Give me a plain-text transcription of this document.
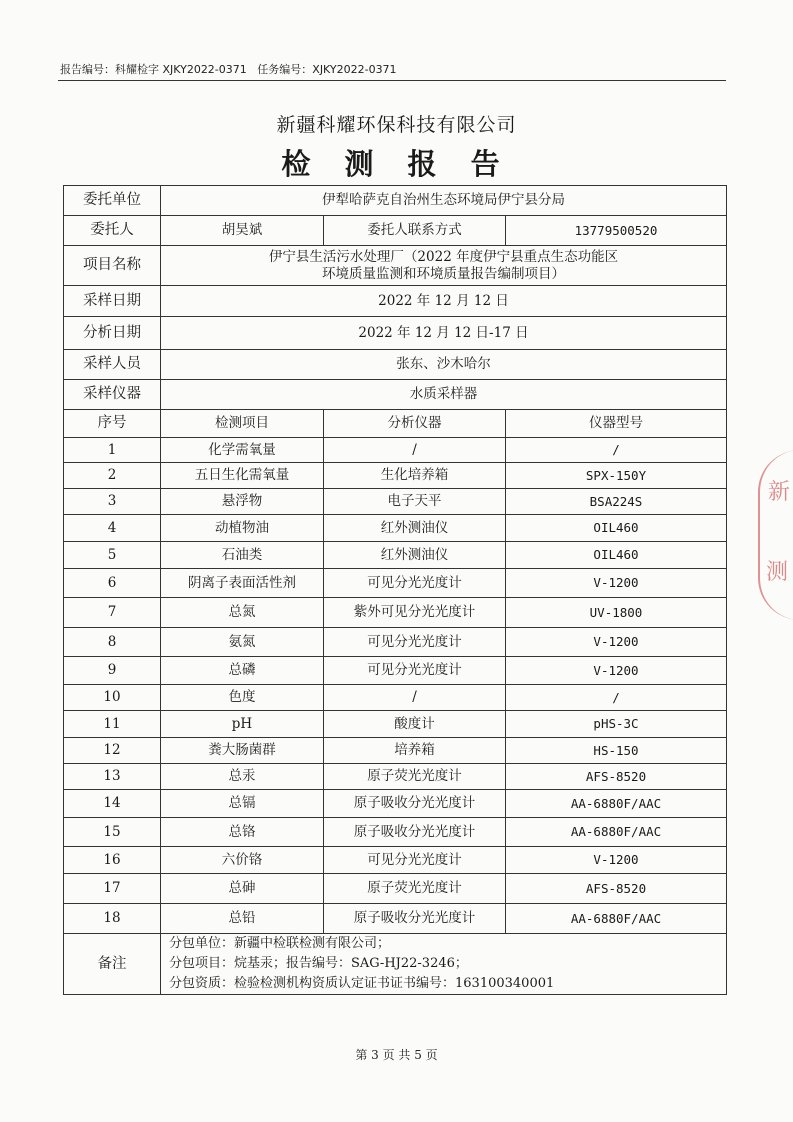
报告编号：科耀检字 XJKY2022-0371 任务编号：XJKY2022-0371
新疆科耀环保科技有限公司
检 测 报 告
委托单位	伊犁哈萨克自治州生态环境局伊宁县分局		
委托人	胡昊斌	委托人联系方式	13779500520
项目名称	伊宁县生活污水处理厂（2022 年度伊宁县重点生态功能区
环境质量监测和环境质量报告编制项目）		

采样日期	2022 年 12 月 12 日		
分析日期	2022 年 12 月 12 日-17 日		
采样人员	张东、沙木哈尔		
采样仪器	水质采样器		
序号	检测项目	分析仪器	仪器型号
1	化学需氧量	/	/
2	五日生化需氧量	生化培养箱	SPX-150Y
3	悬浮物	电子天平	BSA224S
4	动植物油	红外测油仪	OIL460
5	石油类	红外测油仪	OIL460
6	阴离子表面活性剂	可见分光光度计	V-1200
7	总氮	紫外可见分光光度计	UV-1800
8	氨氮	可见分光光度计	V-1200
9	总磷	可见分光光度计	V-1200
10	色度	/	/
11	pH	酸度计	pHS-3C
12	粪大肠菌群	培养箱	HS-150
13	总汞	原子荧光光度计	AFS-8520
14	总镉	原子吸收分光光度计	AA-6880F/AAC
15	总铬	原子吸收分光光度计	AA-6880F/AAC
16	六价铬	可见分光光度计	V-1200
17	总砷	原子荧光光度计	AFS-8520
18	总铅	原子吸收分光光度计	AA-6880F/AAC
备注	分包单位：新疆中检联检测有限公司；
分包项目：烷基汞；报告编号：SAG-HJ22-3246；
分包资质：检验检测机构资质认定证书证书编号：163100340001		
第 3 页 共 5 页
新
测
